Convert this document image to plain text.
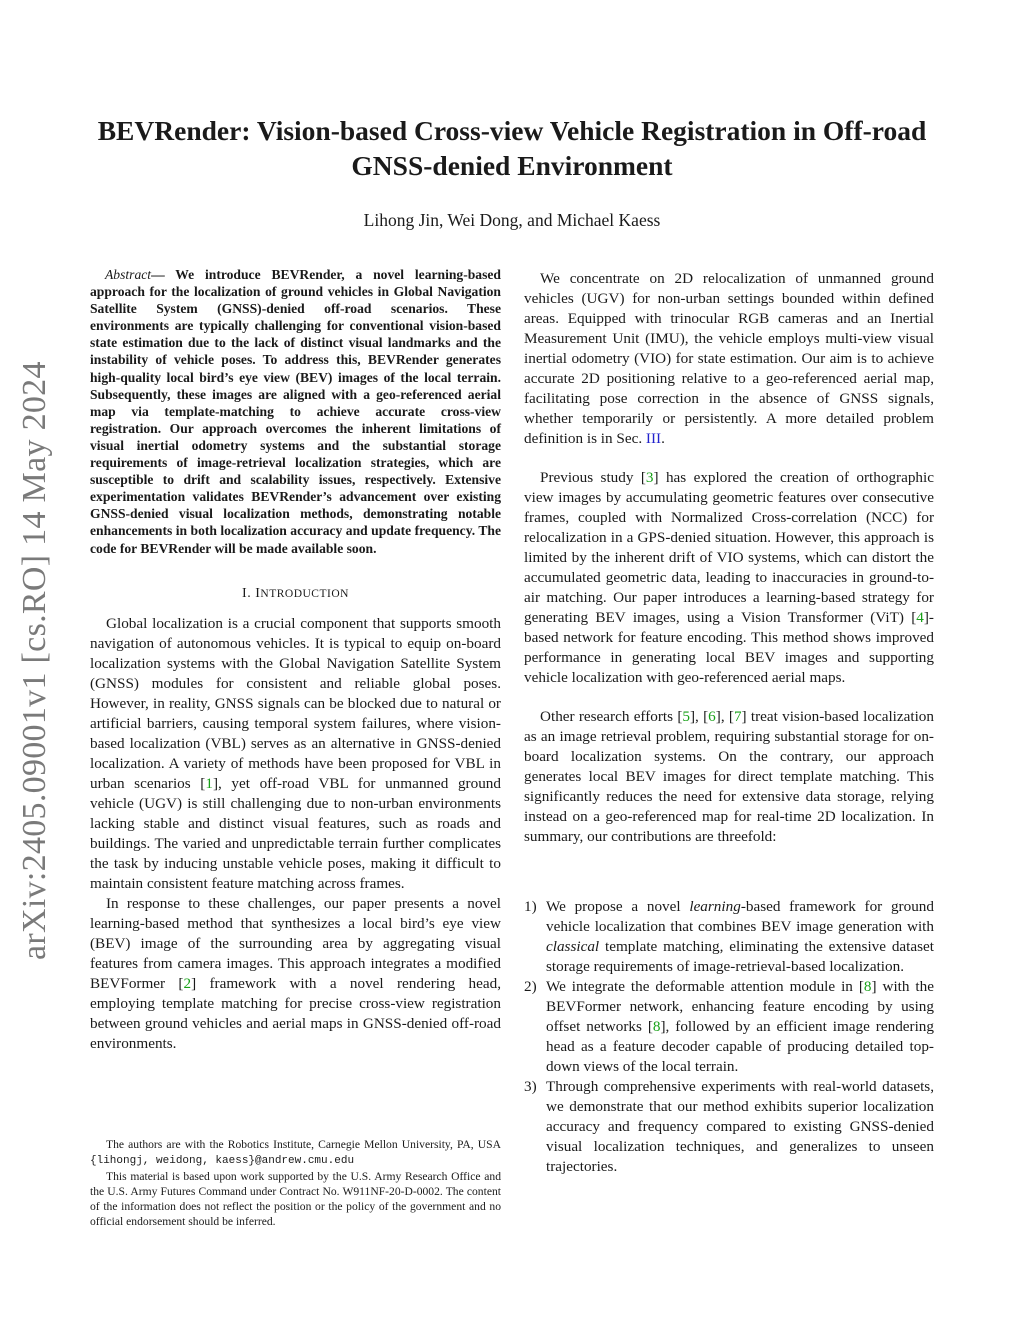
arXiv:2405.09001v1 [cs.RO] 14 May 2024
BEVRender: Vision-based Cross-view Vehicle Registration in Off-road GNSS-denied Environment
Lihong Jin, Wei Dong, and Michael Kaess

Abstract— We introduce BEVRender, a novel learning-based approach for the localization of ground vehicles in Global Navigation Satellite System (GNSS)-denied off-road scenarios. These environments are typically challenging for conventional vision-based state estimation due to the lack of distinct visual landmarks and the instability of vehicle poses. To address this, BEVRender generates high-quality local bird’s eye view (BEV) images of the local terrain. Subsequently, these images are aligned with a geo-referenced aerial map via template-matching to achieve accurate cross-view registration. Our approach overcomes the inherent limitations of visual inertial odometry systems and the substantial storage requirements of image-retrieval localization strategies, which are susceptible to drift and scalability issues, respectively. Extensive experimentation validates BEVRender’s advancement over existing GNSS-denied visual localization methods, demonstrating notable enhancements in both localization accuracy and update frequency. The code for BEVRender will be made available soon.

I. INTRODUCTION

Global localization is a crucial component that supports smooth navigation of autonomous vehicles. It is typical to equip on-board localization systems with the Global Navigation Satellite System (GNSS) modules for consistent and reliable global poses. However, in reality, GNSS signals can be blocked due to natural or artificial barriers, causing temporal system failures, where vision-based localization (VBL) serves as an alternative in GNSS-denied localization. A variety of methods have been proposed for VBL in urban scenarios [1], yet off-road VBL for unmanned ground vehicle (UGV) is still challenging due to non-urban environments lacking stable and distinct visual features, such as roads and buildings. The varied and unpredictable terrain further complicates the task by inducing unstable vehicle poses, making it difficult to maintain consistent feature matching across frames.

In response to these challenges, our paper presents a novel learning-based method that synthesizes a local bird’s eye view (BEV) image of the surrounding area by aggregating visual features from camera images. This approach integrates a modified BEVFormer [2] framework with a novel rendering head, employing template matching for precise cross-view registration between ground vehicles and aerial maps in GNSS-denied off-road environments.

The authors are with the Robotics Institute, Carnegie Mellon University, PA, USA {lihongj, weidong, kaess}@andrew.cmu.edu

This material is based upon work supported by the U.S. Army Research Office and the U.S. Army Futures Command under Contract No. W911NF-20-D-0002. The content of the information does not reflect the position or the policy of the government and no official endorsement should be inferred.

We concentrate on 2D relocalization of unmanned ground vehicles (UGV) for non-urban settings bounded within defined areas. Equipped with trinocular RGB cameras and an Inertial Measurement Unit (IMU), the vehicle employs multi-view visual inertial odometry (VIO) for state estimation. Our aim is to achieve accurate 2D positioning relative to a geo-referenced aerial map, facilitating pose correction in the absence of GNSS signals, whether temporarily or persistently. A more detailed problem definition is in Sec. III.

Previous study [3] has explored the creation of orthographic view images by accumulating geometric features over consecutive frames, coupled with Normalized Cross-correlation (NCC) for relocalization in a GPS-denied situation. However, this approach is limited by the inherent drift of VIO systems, which can distort the accumulated geometric data, leading to inaccuracies in ground-to-air matching. Our paper introduces a learning-based strategy for generating BEV images, using a Vision Transformer (ViT) [4]-based network for feature encoding. This method shows improved performance in generating local BEV images and supporting vehicle localization with geo-referenced aerial maps.

Other research efforts [5], [6], [7] treat vision-based localization as an image retrieval problem, requiring substantial storage for on-board localization systems. On the contrary, our approach generates local BEV images for direct template matching. This significantly reduces the need for extensive data storage, relying instead on a geo-referenced map for real-time 2D localization. In summary, our contributions are threefold:

1) We propose a novel learning-based framework for ground vehicle localization that combines BEV image generation with classical template matching, eliminating the extensive dataset storage requirements of image-retrieval-based localization.
2) We integrate the deformable attention module in [8] with the BEVFormer network, enhancing feature encoding by using offset networks [8], followed by an efficient image rendering head as a feature decoder capable of producing detailed top-down views of the local terrain.
3) Through comprehensive experiments with real-world datasets, we demonstrate that our method exhibits superior localization accuracy and frequency compared to existing GNSS-denied visual localization techniques, and generalizes to unseen trajectories.
